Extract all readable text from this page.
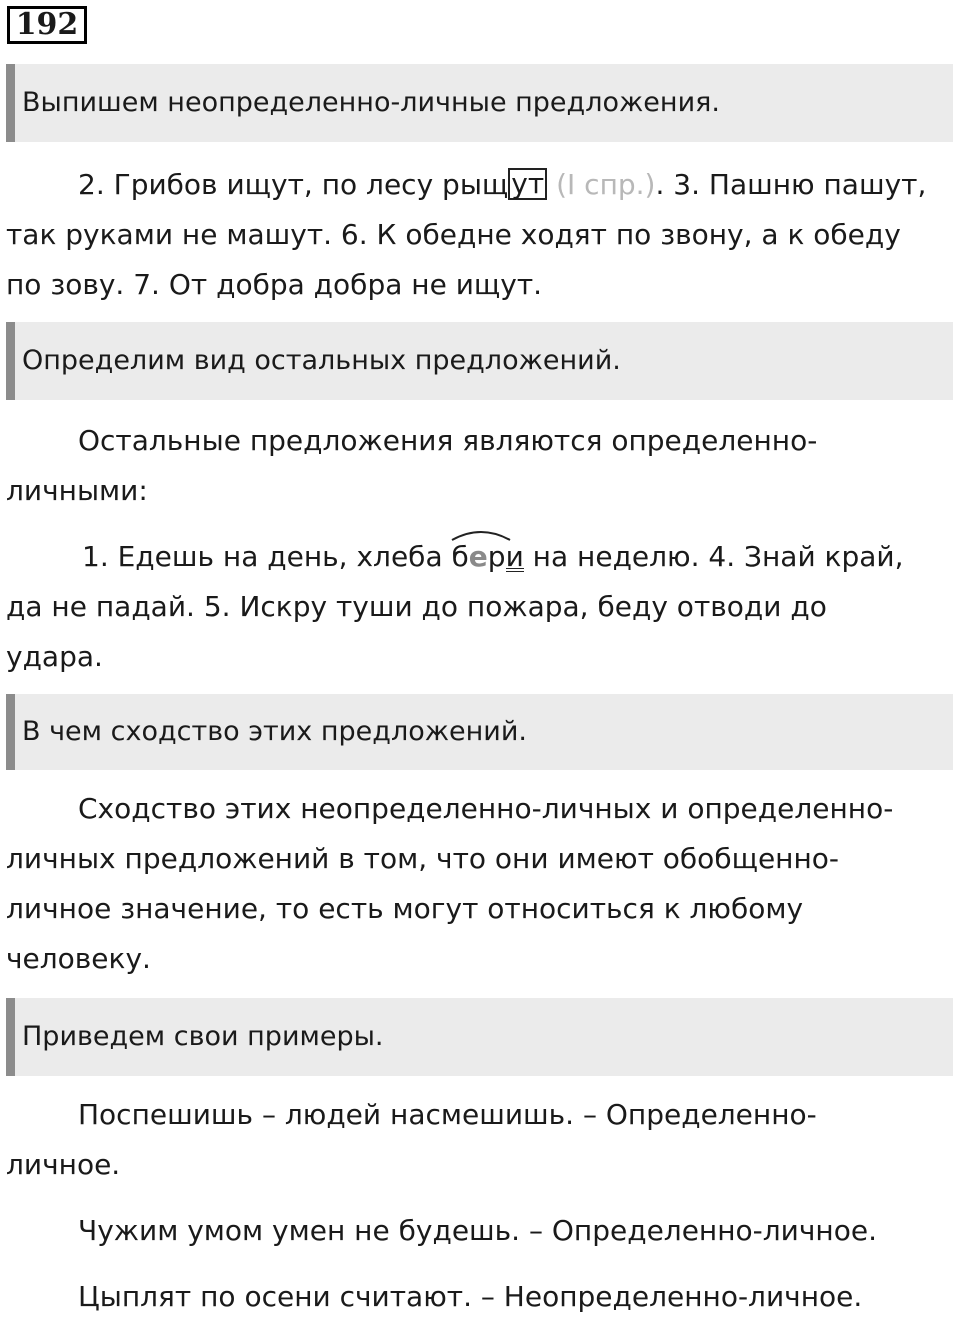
192
Выпишем неопределенно-личные предложения.
2. Грибов ищут, по лесу рыщ ут (I спр.). 3. Пашню пашут,
так руками не машут. 6. К обедне ходят по звону, а к обеду
по зову. 7. От добра добра не ищут.
Определим вид остальных предложений.
Остальные предложения являются определенно-
личными:
1. Едешь на день, хлеба
бери на неделю. 4. Знай край,
да не падай. 5. Искру туши до пожара, беду отводи до
удара.
В чем сходство этих предложений.
Сходство этих неопределенно-личных и определенно-
личных предложений в том, что они имеют обобщенно-
личное значение, то есть могут относиться к любому
человеку.
Приведем свои примеры.
Поспешишь – людей насмешишь. – Определенно-
личное.
Чужим умом умен не будешь. – Определенно-личное.
Цыплят по осени считают. – Неопределенно-личное.
